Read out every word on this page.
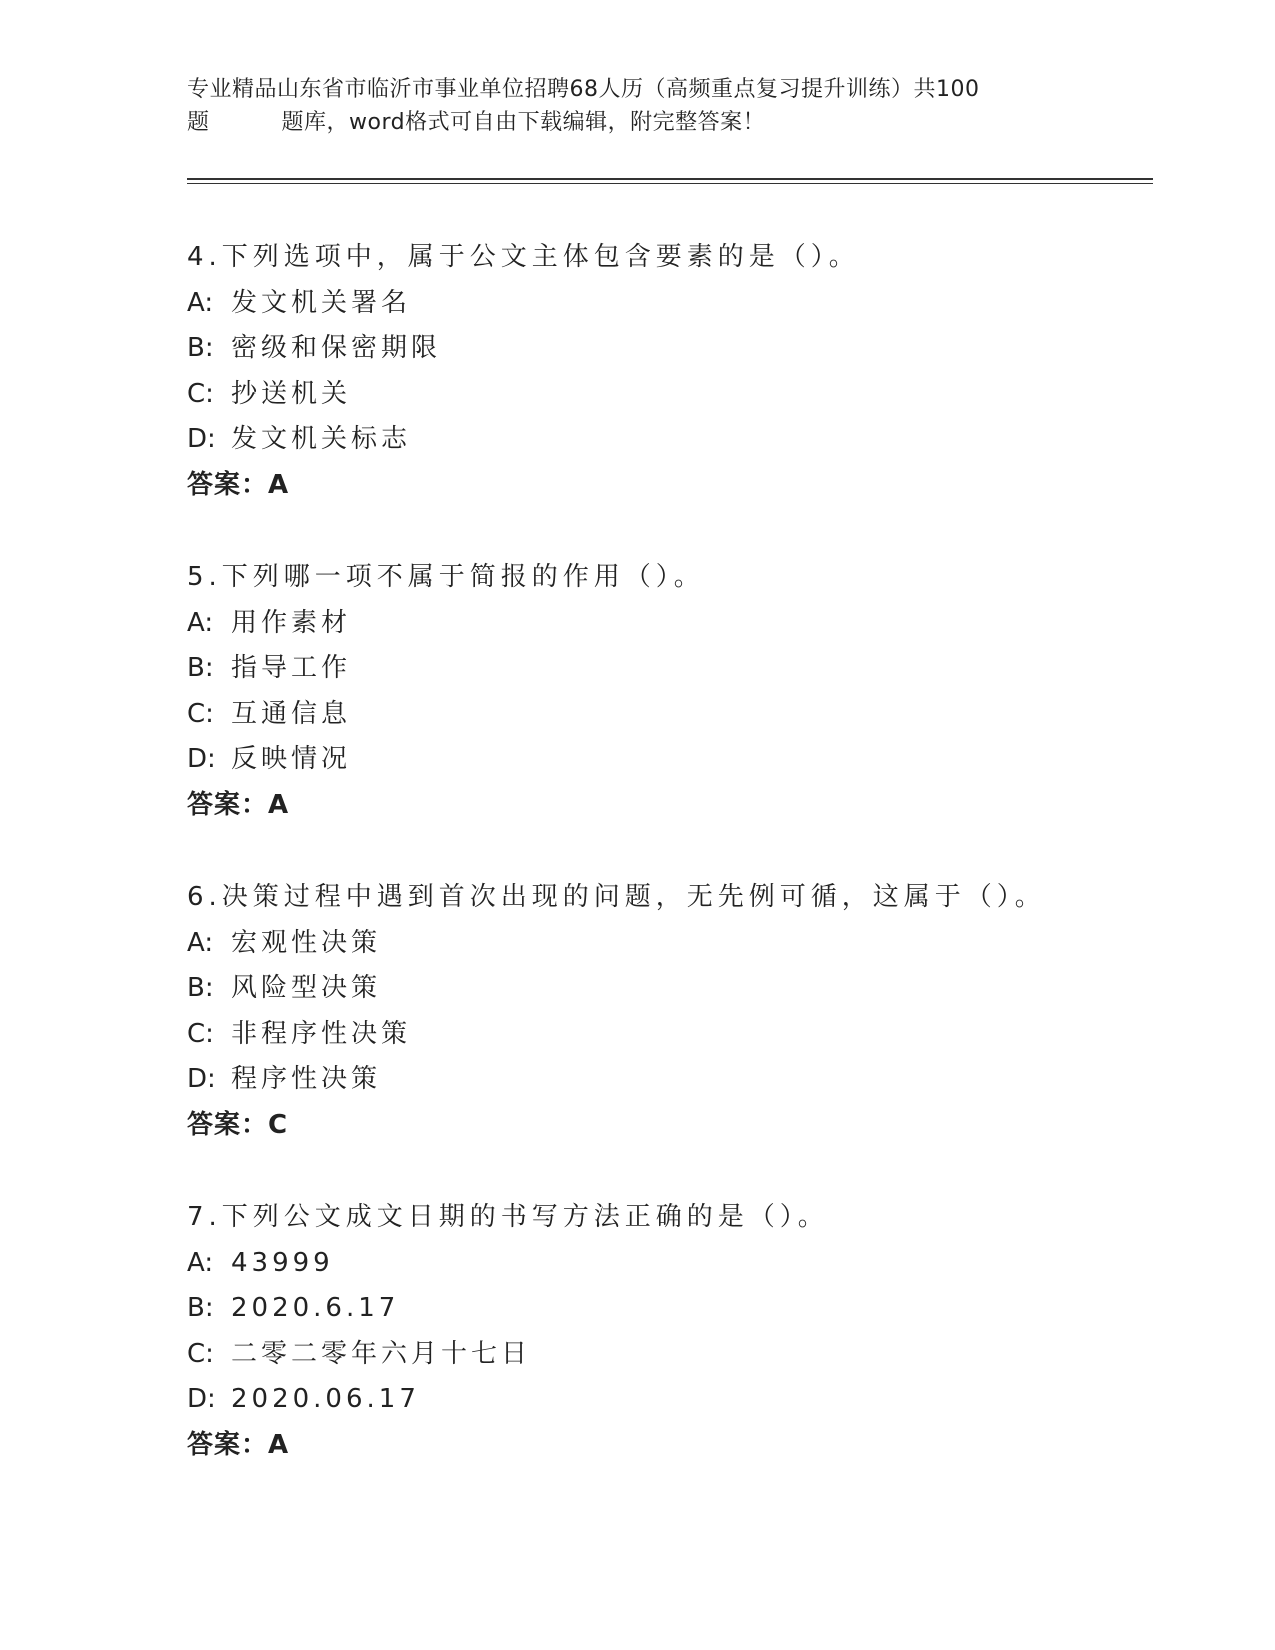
专业精品山东省市临沂市事业单位招聘68人历（高频重点复习提升训练）共100
题	题库，word格式可自由下载编辑，附完整答案！
4.下列选项中，属于公文主体包含要素的是（）。
A: 发文机关署名
B: 密级和保密期限
C: 抄送机关
D: 发文机关标志
答案：A
5.下列哪一项不属于简报的作用（）。
A: 用作素材
B: 指导工作
C: 互通信息
D: 反映情况
答案：A
6.决策过程中遇到首次出现的问题，无先例可循，这属于（）。
A: 宏观性决策
B: 风险型决策
C: 非程序性决策
D: 程序性决策
答案：C
7.下列公文成文日期的书写方法正确的是（）。
A: 43999
B: 2020.6.17
C: 二零二零年六月十七日
D: 2020.06.17
答案：A
